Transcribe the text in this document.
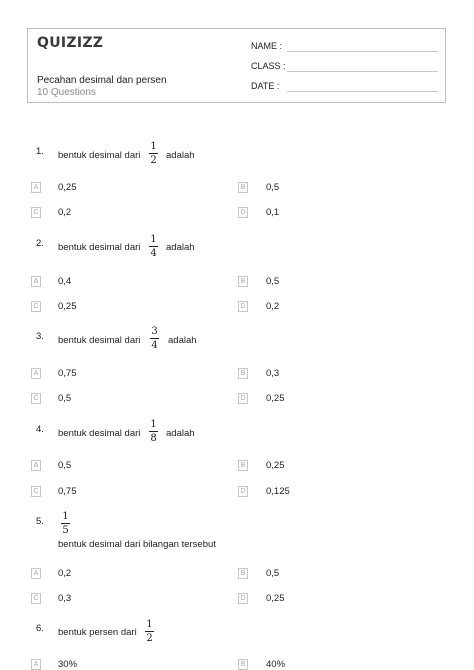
QUIZIZZ
Pecahan desimal dan persen
10 Questions
NAME :
CLASS :
DATE :
1. bentuk desimal dari
1
2 adalah
A 0,25	B 0,5
C 0,2	D 0,1
2. bentuk desimal dari
1
4
adalah
A 0,4	B 0,5
C 0,25	D 0,2
3. bentuk desimal dari
3
4 adalah
A 0,75	B 0,3
C 0,5	D 0,25
4. bentuk desimal dari
1
8 adalah
A 0,5	B 0,25
C 0,75	D 0,125
5. 1
5
bentuk desimal dari bilangan tersebut
A 0,2	B 0,5
C 0,3	D 0,25
6. bentuk persen dari
1
2
A 30%	B 40%
